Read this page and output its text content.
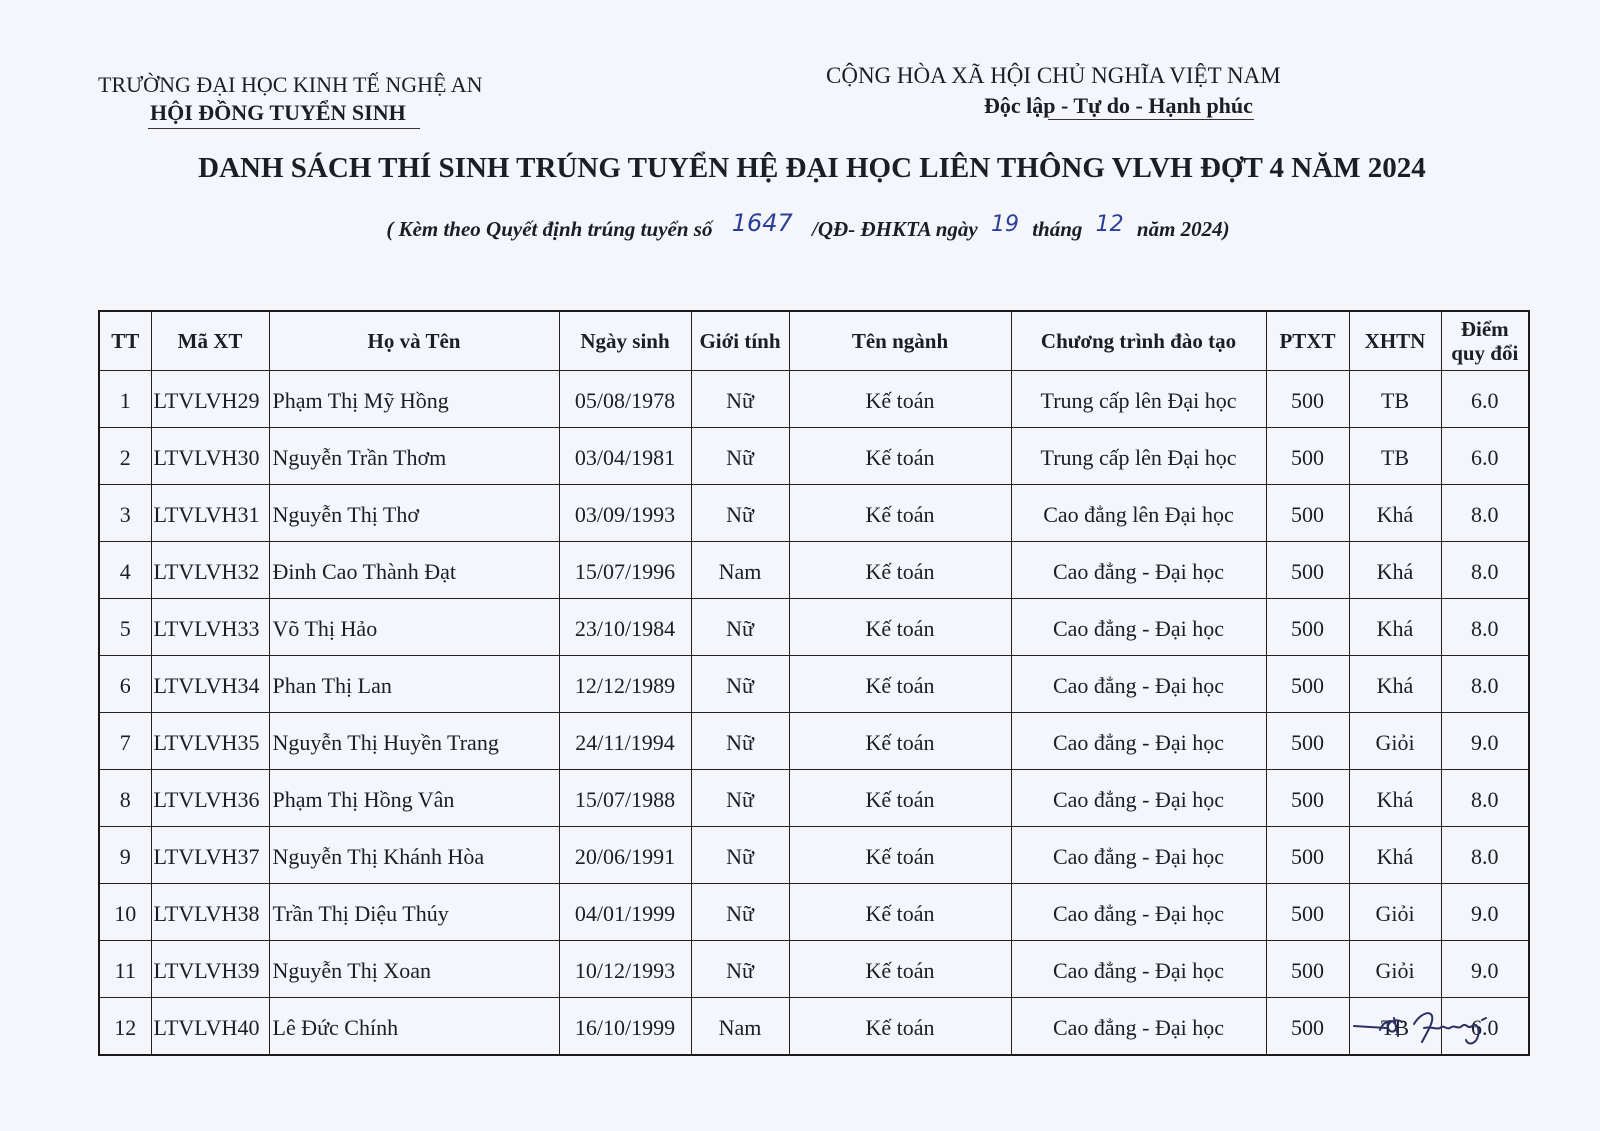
TRƯỜNG ĐẠI HỌC KINH TẾ NGHỆ AN
HỘI ĐỒNG TUYỂN SINH
CỘNG HÒA XÃ HỘI CHỦ NGHĨA VIỆT NAM
Độc lập - Tự do - Hạnh phúc
DANH SÁCH THÍ SINH TRÚNG TUYỂN HỆ ĐẠI HỌC LIÊN THÔNG VLVH ĐỢT 4 NĂM 2024
( Kèm theo Quyết định trúng tuyển số 1647 /QĐ- ĐHKTA ngày 19 tháng 12 năm 2024)
TT	Mã XT	Họ và Tên	Ngày sinh	Giới tính	Tên ngành	Chương trình đào tạo	PTXT	XHTN	Điểm
quy đổi
1	LTVLVH29	Phạm Thị Mỹ Hồng	05/08/1978	Nữ	Kế toán	Trung cấp lên Đại học	500	TB	6.0
2	LTVLVH30	Nguyễn Trần Thơm	03/04/1981	Nữ	Kế toán	Trung cấp lên Đại học	500	TB	6.0
3	LTVLVH31	Nguyễn Thị Thơ	03/09/1993	Nữ	Kế toán	Cao đẳng lên Đại học	500	Khá	8.0
4	LTVLVH32	Đinh Cao Thành Đạt	15/07/1996	Nam	Kế toán	Cao đẳng - Đại học	500	Khá	8.0
5	LTVLVH33	Võ Thị Hảo	23/10/1984	Nữ	Kế toán	Cao đẳng - Đại học	500	Khá	8.0
6	LTVLVH34	Phan Thị Lan	12/12/1989	Nữ	Kế toán	Cao đẳng - Đại học	500	Khá	8.0
7	LTVLVH35	Nguyễn Thị Huyền Trang	24/11/1994	Nữ	Kế toán	Cao đẳng - Đại học	500	Giỏi	9.0
8	LTVLVH36	Phạm Thị Hồng Vân	15/07/1988	Nữ	Kế toán	Cao đẳng - Đại học	500	Khá	8.0
9	LTVLVH37	Nguyễn Thị Khánh Hòa	20/06/1991	Nữ	Kế toán	Cao đẳng - Đại học	500	Khá	8.0
10	LTVLVH38	Trần Thị Diệu Thúy	04/01/1999	Nữ	Kế toán	Cao đẳng - Đại học	500	Giỏi	9.0
11	LTVLVH39	Nguyễn Thị Xoan	10/12/1993	Nữ	Kế toán	Cao đẳng - Đại học	500	Giỏi	9.0
12	LTVLVH40	Lê Đức Chính	16/10/1999	Nam	Kế toán	Cao đẳng - Đại học	500	TB	6.0
